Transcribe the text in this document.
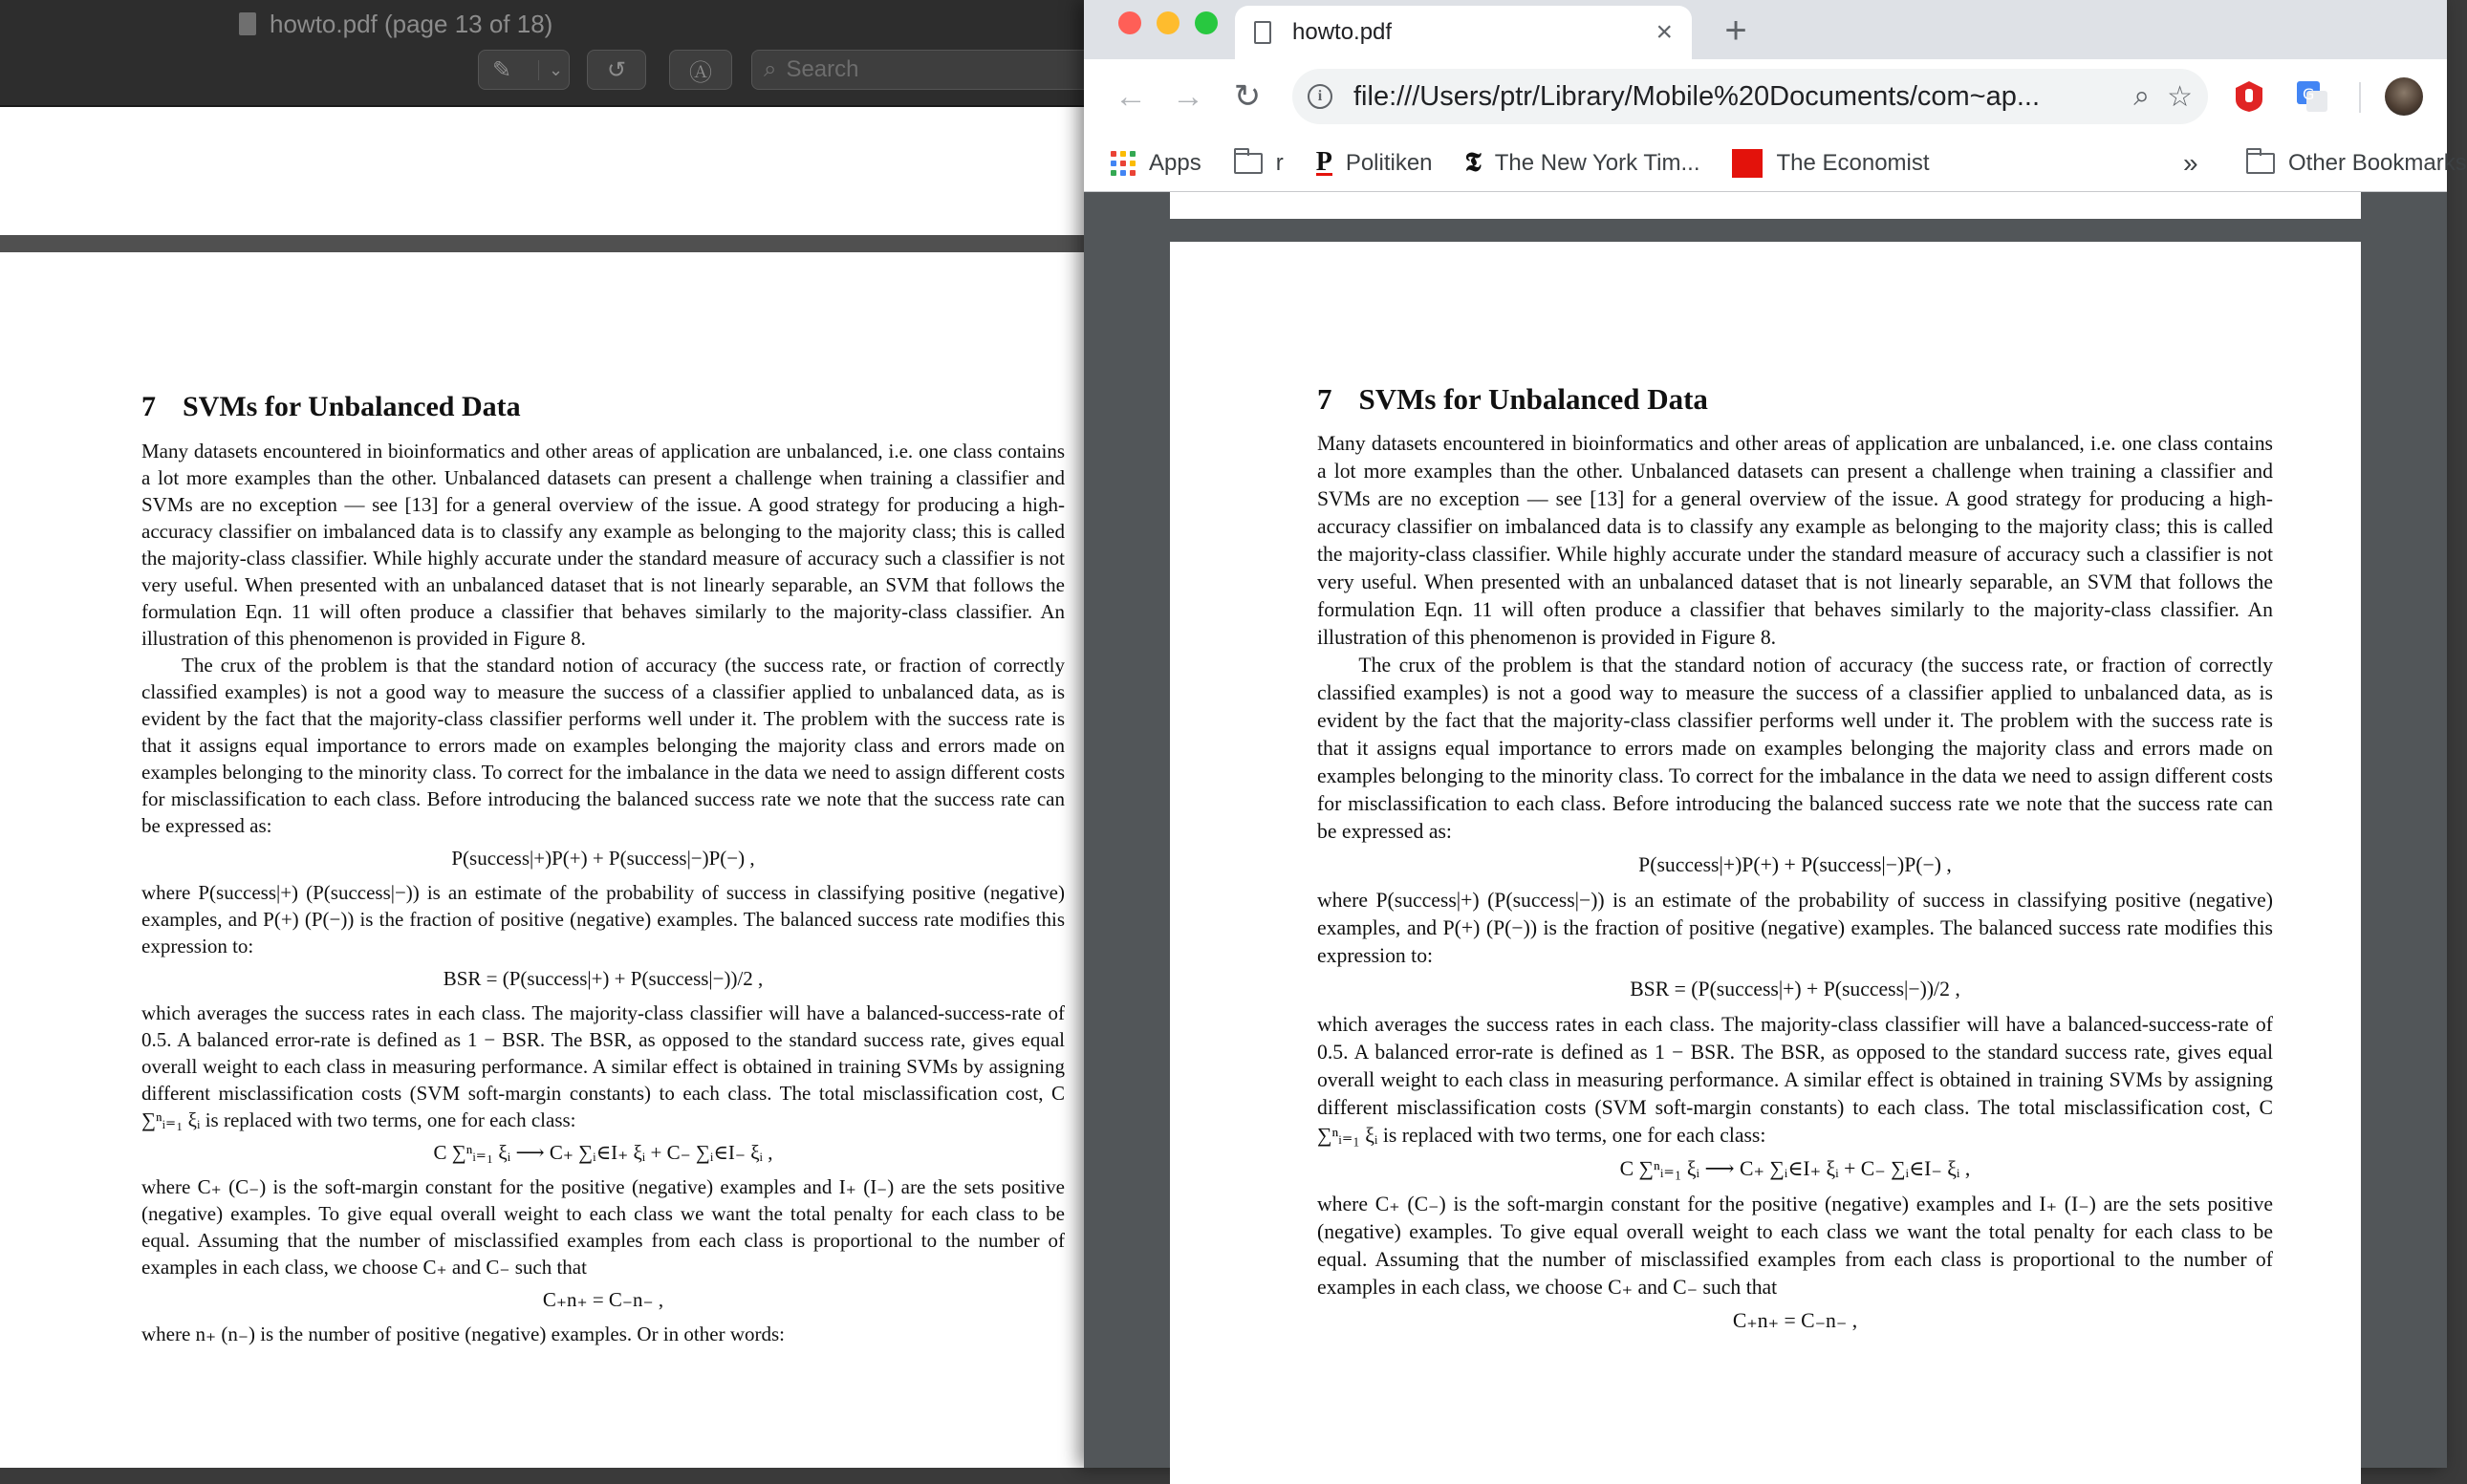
howto.pdf (page 13 of 18)
✎	⌄ ↺	Ⓐ ⌕
Search
7 SVMs for Unbalanced Data

Many datasets encountered in bioinformatics and other areas of application are unbalanced, i.e. one class contains a lot more examples than the other. Unbalanced datasets can present a challenge when training a classifier and SVMs are no exception — see [13] for a general overview of the issue. A good strategy for producing a high-accuracy classifier on imbalanced data is to classify any example as belonging to the majority class; this is called the majority-class classifier. While highly accurate under the standard measure of accuracy such a classifier is not very useful. When presented with an unbalanced dataset that is not linearly separable, an SVM that follows the formulation Eqn. 11 will often produce a classifier that behaves similarly to the majority-class classifier. An illustration of this phenomenon is provided in Figure 8.

The crux of the problem is that the standard notion of accuracy (the success rate, or fraction of correctly classified examples) is not a good way to measure the success of a classifier applied to unbalanced data, as is evident by the fact that the majority-class classifier performs well under it. The problem with the success rate is that it assigns equal importance to errors made on examples belonging the majority class and errors made on examples belonging to the minority class. To correct for the imbalance in the data we need to assign different costs for misclassification to each class. Before introducing the balanced success rate we note that the success rate can be expressed as:

P(success|+)P(+) + P(success|−)P(−) ,

where P(success|+) (P(success|−)) is an estimate of the probability of success in classifying positive (negative) examples, and P(+) (P(−)) is the fraction of positive (negative) examples. The balanced success rate modifies this expression to:

BSR = (P(success|+) + P(success|−))/2 ,

which averages the success rates in each class. The majority-class classifier will have a balanced-success-rate of 0.5. A balanced error-rate is defined as 1 − BSR. The BSR, as opposed to the standard success rate, gives equal overall weight to each class in measuring performance. A similar effect is obtained in training SVMs by assigning different misclassification costs (SVM soft-margin constants) to each class. The total misclassification cost, C ∑ⁿᵢ₌₁ ξᵢ is replaced with two terms, one for each class:

C ∑ⁿᵢ₌₁ ξᵢ ⟶ C₊ ∑ᵢ∈I₊ ξᵢ + C₋ ∑ᵢ∈I₋ ξᵢ ,

where C₊ (C₋) is the soft-margin constant for the positive (negative) examples and I₊ (I₋) are the sets positive (negative) examples. To give equal overall weight to each class we want the total penalty for each class to be equal. Assuming that the number of misclassified examples from each class is proportional to the number of examples in each class, we choose C₊ and C₋ such that

C₊n₊ = C₋n₋ ,

where n₊ (n₋) is the number of positive (negative) examples. Or in other words:

howto.pdf	× +
← → ↻	i	file:///Users/ptr/Library/Mobile%20Documents/com~ap...	⌕ ☆	G
Apps	r P Politiken 𝕿 The New York Tim...	The Economist	»	Other Bookmarks
7 SVMs for Unbalanced Data

Many datasets encountered in bioinformatics and other areas of application are unbalanced, i.e. one class contains a lot more examples than the other. Unbalanced datasets can present a challenge when training a classifier and SVMs are no exception — see [13] for a general overview of the issue. A good strategy for producing a high-accuracy classifier on imbalanced data is to classify any example as belonging to the majority class; this is called the majority-class classifier. While highly accurate under the standard measure of accuracy such a classifier is not very useful. When presented with an unbalanced dataset that is not linearly separable, an SVM that follows the formulation Eqn. 11 will often produce a classifier that behaves similarly to the majority-class classifier. An illustration of this phenomenon is provided in Figure 8.

The crux of the problem is that the standard notion of accuracy (the success rate, or fraction of correctly classified examples) is not a good way to measure the success of a classifier applied to unbalanced data, as is evident by the fact that the majority-class classifier performs well under it. The problem with the success rate is that it assigns equal importance to errors made on examples belonging the majority class and errors made on examples belonging to the minority class. To correct for the imbalance in the data we need to assign different costs for misclassification to each class. Before introducing the balanced success rate we note that the success rate can be expressed as:

P(success|+)P(+) + P(success|−)P(−) ,

where P(success|+) (P(success|−)) is an estimate of the probability of success in classifying positive (negative) examples, and P(+) (P(−)) is the fraction of positive (negative) examples. The balanced success rate modifies this expression to:

BSR = (P(success|+) + P(success|−))/2 ,

which averages the success rates in each class. The majority-class classifier will have a balanced-success-rate of 0.5. A balanced error-rate is defined as 1 − BSR. The BSR, as opposed to the standard success rate, gives equal overall weight to each class in measuring performance. A similar effect is obtained in training SVMs by assigning different misclassification costs (SVM soft-margin constants) to each class. The total misclassification cost, C ∑ⁿᵢ₌₁ ξᵢ is replaced with two terms, one for each class:

C ∑ⁿᵢ₌₁ ξᵢ ⟶ C₊ ∑ᵢ∈I₊ ξᵢ + C₋ ∑ᵢ∈I₋ ξᵢ ,

where C₊ (C₋) is the soft-margin constant for the positive (negative) examples and I₊ (I₋) are the sets positive (negative) examples. To give equal overall weight to each class we want the total penalty for each class to be equal. Assuming that the number of misclassified examples from each class is proportional to the number of examples in each class, we choose C₊ and C₋ such that

C₊n₊ = C₋n₋ ,
